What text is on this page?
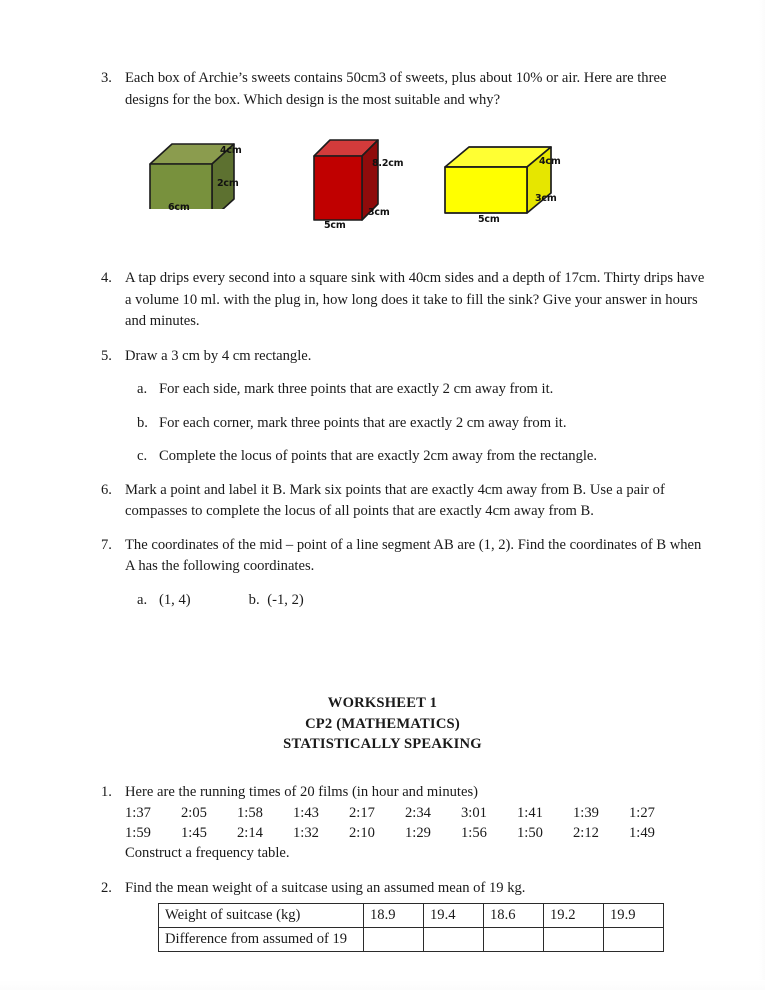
3. Each box of Archie’s sweets contains 50cm3 of sweets, plus about 10% or air. Here are three designs for the box. Which design is the most suitable and why?
4cm
2cm
6cm
8.2cm
3cm
5cm
4cm
3cm
5cm
4. A tap drips every second into a square sink with 40cm sides and a depth of 17cm. Thirty drips have a volume 10 ml. with the plug in, how long does it take to fill the sink? Give your answer in hours and minutes.
5. Draw a 3 cm by 4 cm rectangle.
a. For each side, mark three points that are exactly 2 cm away from it.
b. For each corner, mark three points that are exactly 2 cm away from it.
c. Complete the locus of points that are exactly 2cm away from the rectangle.
6. Mark a point and label it B. Mark six points that are exactly 4cm away from B. Use a pair of compasses to complete the locus of all points that are exactly 4cm away from B.
7. The coordinates of the mid – point of a line segment AB are (1, 2). Find the coordinates of B when A has the following coordinates.
a. (1, 4)	b. (-1, 2)
WORKSHEET 1
CP2 (MATHEMATICS)
STATISTICALLY SPEAKING
1. Here are the running times of 20 films (in hour and minutes)
1:37	2:05	1:58	1:43	2:17	2:34	3:01	1:41	1:39	1:27
1:59	1:45	2:14	1:32	2:10	1:29	1:56	1:50	2:12	1:49
Construct a frequency table.
2. Find the mean weight of a suitcase using an assumed mean of 19 kg.
Weight of suitcase (kg)	18.9	19.4	18.6	19.2	19.9
Difference from assumed of 19					
